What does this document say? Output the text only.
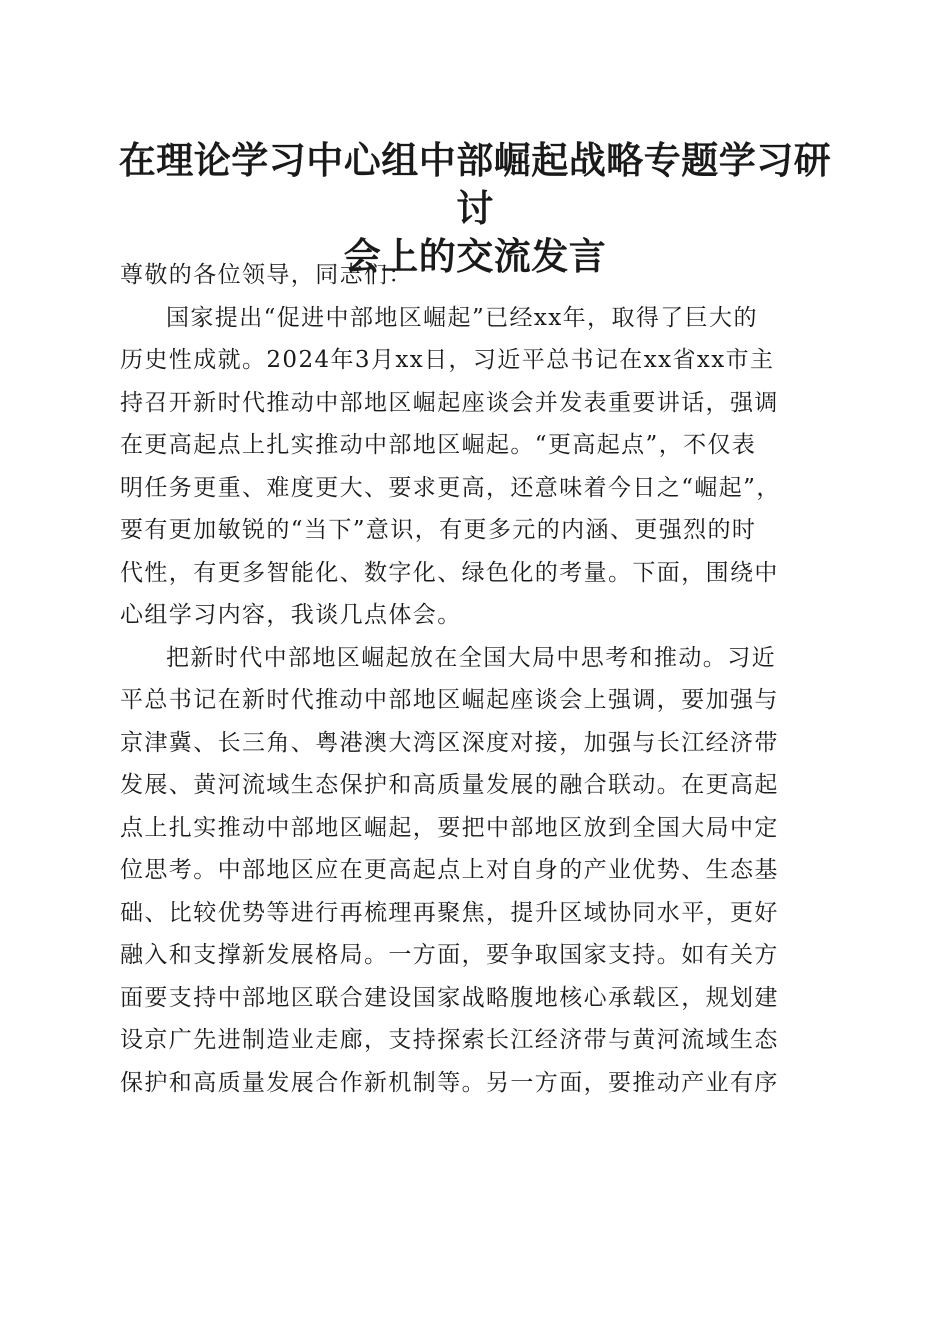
在理论学习中心组中部崛起战略专题学习研讨
会上的交流发言

尊敬的各位领导，同志们：

国家提出“促进中部地区崛起”已经xx年，取得了巨大的
历史性成就。2024年3月xx日，习近平总书记在xx省xx市主
持召开新时代推动中部地区崛起座谈会并发表重要讲话，强调
在更高起点上扎实推动中部地区崛起。“更高起点”，不仅表
明任务更重、难度更大、要求更高，还意味着今日之“崛起”，
要有更加敏锐的“当下”意识，有更多元的内涵、更强烈的时
代性，有更多智能化、数字化、绿色化的考量。下面，围绕中
心组学习内容，我谈几点体会。

把新时代中部地区崛起放在全国大局中思考和推动。习近
平总书记在新时代推动中部地区崛起座谈会上强调，要加强与
京津冀、长三角、粤港澳大湾区深度对接，加强与长江经济带
发展、黄河流域生态保护和高质量发展的融合联动。在更高起
点上扎实推动中部地区崛起，要把中部地区放到全国大局中定
位思考。中部地区应在更高起点上对自身的产业优势、生态基
础、比较优势等进行再梳理再聚焦，提升区域协同水平，更好
融入和支撑新发展格局。一方面，要争取国家支持。如有关方
面要支持中部地区联合建设国家战略腹地核心承载区，规划建
设京广先进制造业走廊，支持探索长江经济带与黄河流域生态
保护和高质量发展合作新机制等。另一方面，要推动产业有序
